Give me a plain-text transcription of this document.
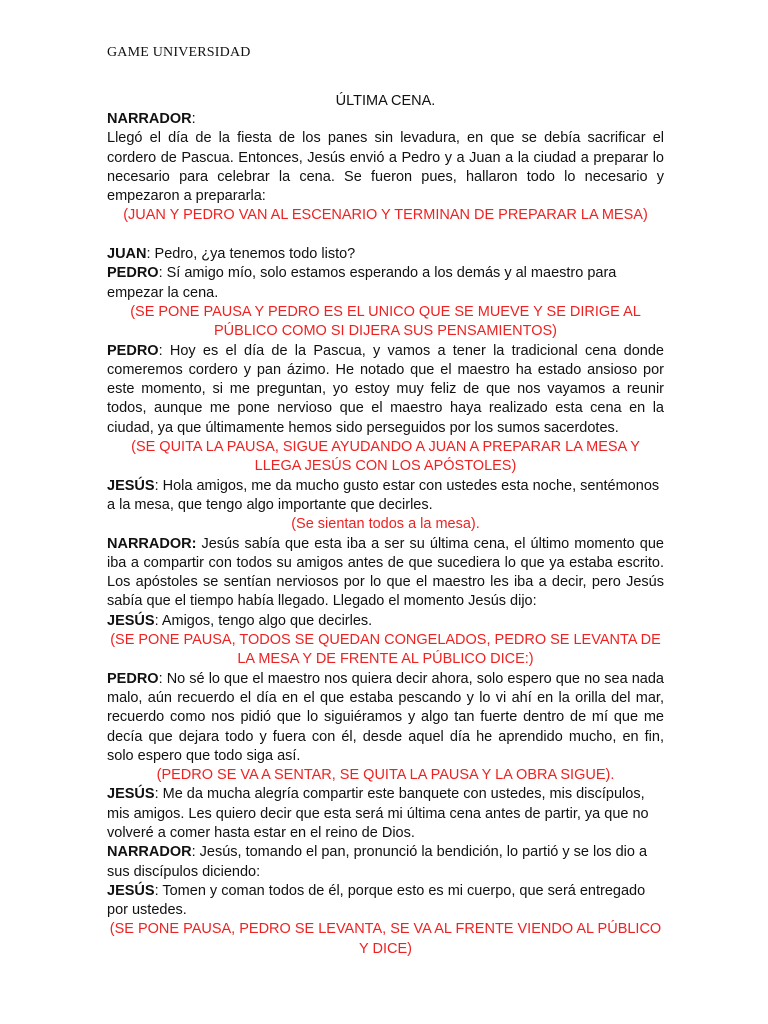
GAME UNIVERSIDAD
ÚLTIMA CENA.

NARRADOR:

Llegó el día de la fiesta de los panes sin levadura, en que se debía sacrificar el cordero de Pascua. Entonces, Jesús envió a Pedro y a Juan a la ciudad a preparar lo necesario para celebrar la cena. Se fueron pues, hallaron todo lo necesario y empezaron a prepararla:

(JUAN Y PEDRO VAN AL ESCENARIO Y TERMINAN DE PREPARAR LA MESA)

JUAN: Pedro, ¿ya tenemos todo listo?

PEDRO: Sí amigo mío, solo estamos esperando a los demás y al maestro para empezar la cena.

(SE PONE PAUSA Y PEDRO ES EL UNICO QUE SE MUEVE Y SE DIRIGE AL PÚBLICO COMO SI DIJERA SUS PENSAMIENTOS)

PEDRO: Hoy es el día de la Pascua, y vamos a tener la tradicional cena donde comeremos cordero y pan ázimo. He notado que el maestro ha estado ansioso por este momento, si me preguntan, yo estoy muy feliz de que nos vayamos a reunir todos, aunque me pone nervioso que el maestro haya realizado esta cena en la ciudad, ya que últimamente hemos sido perseguidos por los sumos sacerdotes.

(SE QUITA LA PAUSA, SIGUE AYUDANDO A JUAN A PREPARAR LA MESA Y LLEGA JESÚS CON LOS APÓSTOLES)

JESÚS: Hola amigos, me da mucho gusto estar con ustedes esta noche, sentémonos a la mesa, que tengo algo importante que decirles.

(Se sientan todos a la mesa).

NARRADOR: Jesús sabía que esta iba a ser su última cena, el último momento que iba a compartir con todos su amigos antes de que sucediera lo que ya estaba escrito. Los apóstoles se sentían nerviosos por lo que el maestro les iba a decir, pero Jesús sabía que el tiempo había llegado. Llegado el momento Jesús dijo:

JESÚS: Amigos, tengo algo que decirles.

(SE PONE PAUSA, TODOS SE QUEDAN CONGELADOS, PEDRO SE LEVANTA DE LA MESA Y DE FRENTE AL PÚBLICO DICE:)

PEDRO: No sé lo que el maestro nos quiera decir ahora, solo espero que no sea nada malo, aún recuerdo el día en el que estaba pescando y lo vi ahí en la orilla del mar, recuerdo como nos pidió que lo siguiéramos y algo tan fuerte dentro de mí que me decía que dejara todo y fuera con él, desde aquel día he aprendido mucho, en fin, solo espero que todo siga así.

(PEDRO SE VA A SENTAR, SE QUITA LA PAUSA Y LA OBRA SIGUE).

JESÚS: Me da mucha alegría compartir este banquete con ustedes, mis discípulos, mis amigos. Les quiero decir que esta será mi última cena antes de partir, ya que no volveré a comer hasta estar en el reino de Dios.

NARRADOR: Jesús, tomando el pan, pronunció la bendición, lo partió y se los dio a sus discípulos diciendo:

JESÚS: Tomen y coman todos de él, porque esto es mi cuerpo, que será entregado por ustedes.

(SE PONE PAUSA, PEDRO SE LEVANTA, SE VA AL FRENTE VIENDO AL PÚBLICO Y DICE)
